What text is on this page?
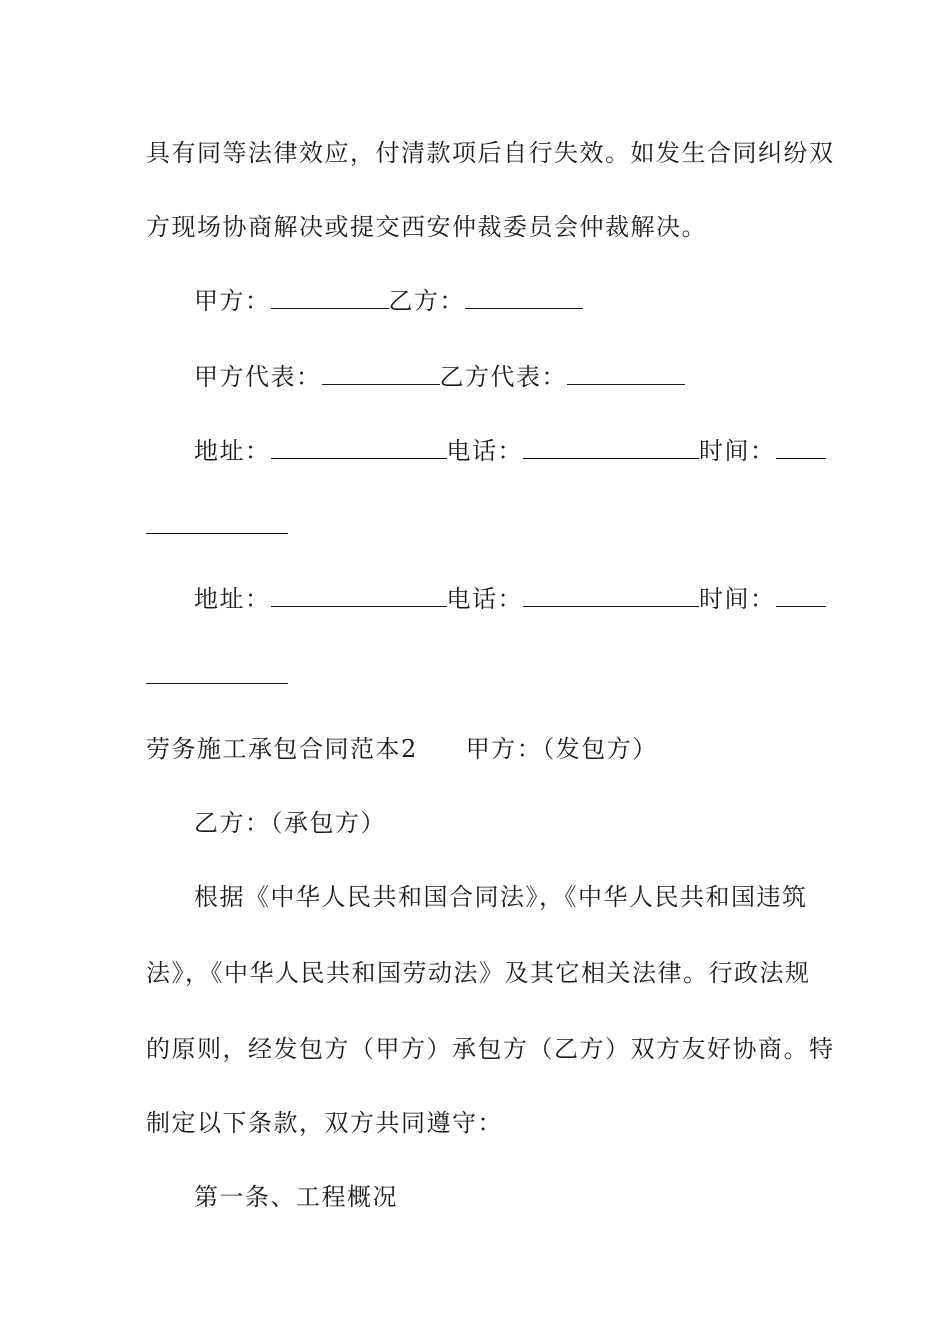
具有同等法律效应，付清款项后自行失效。如发生合同纠纷双
方现场协商解决或提交西安仲裁委员会仲裁解决。
甲方：	乙方：
甲方代表：	乙方代表：
地址：	电话：	时间：
地址：	电话：	时间：
劳务施工承包合同范本2 甲方：（发包方）
乙方：（承包方）
根据《中华人民共和国合同法》，《中华人民共和国违筑
法》，《中华人民共和国劳动法》及其它相关法律。行政法规
的原则，经发包方（甲方）承包方（乙方）双方友好协商。特
制定以下条款，双方共同遵守：
第一条、工程概况
